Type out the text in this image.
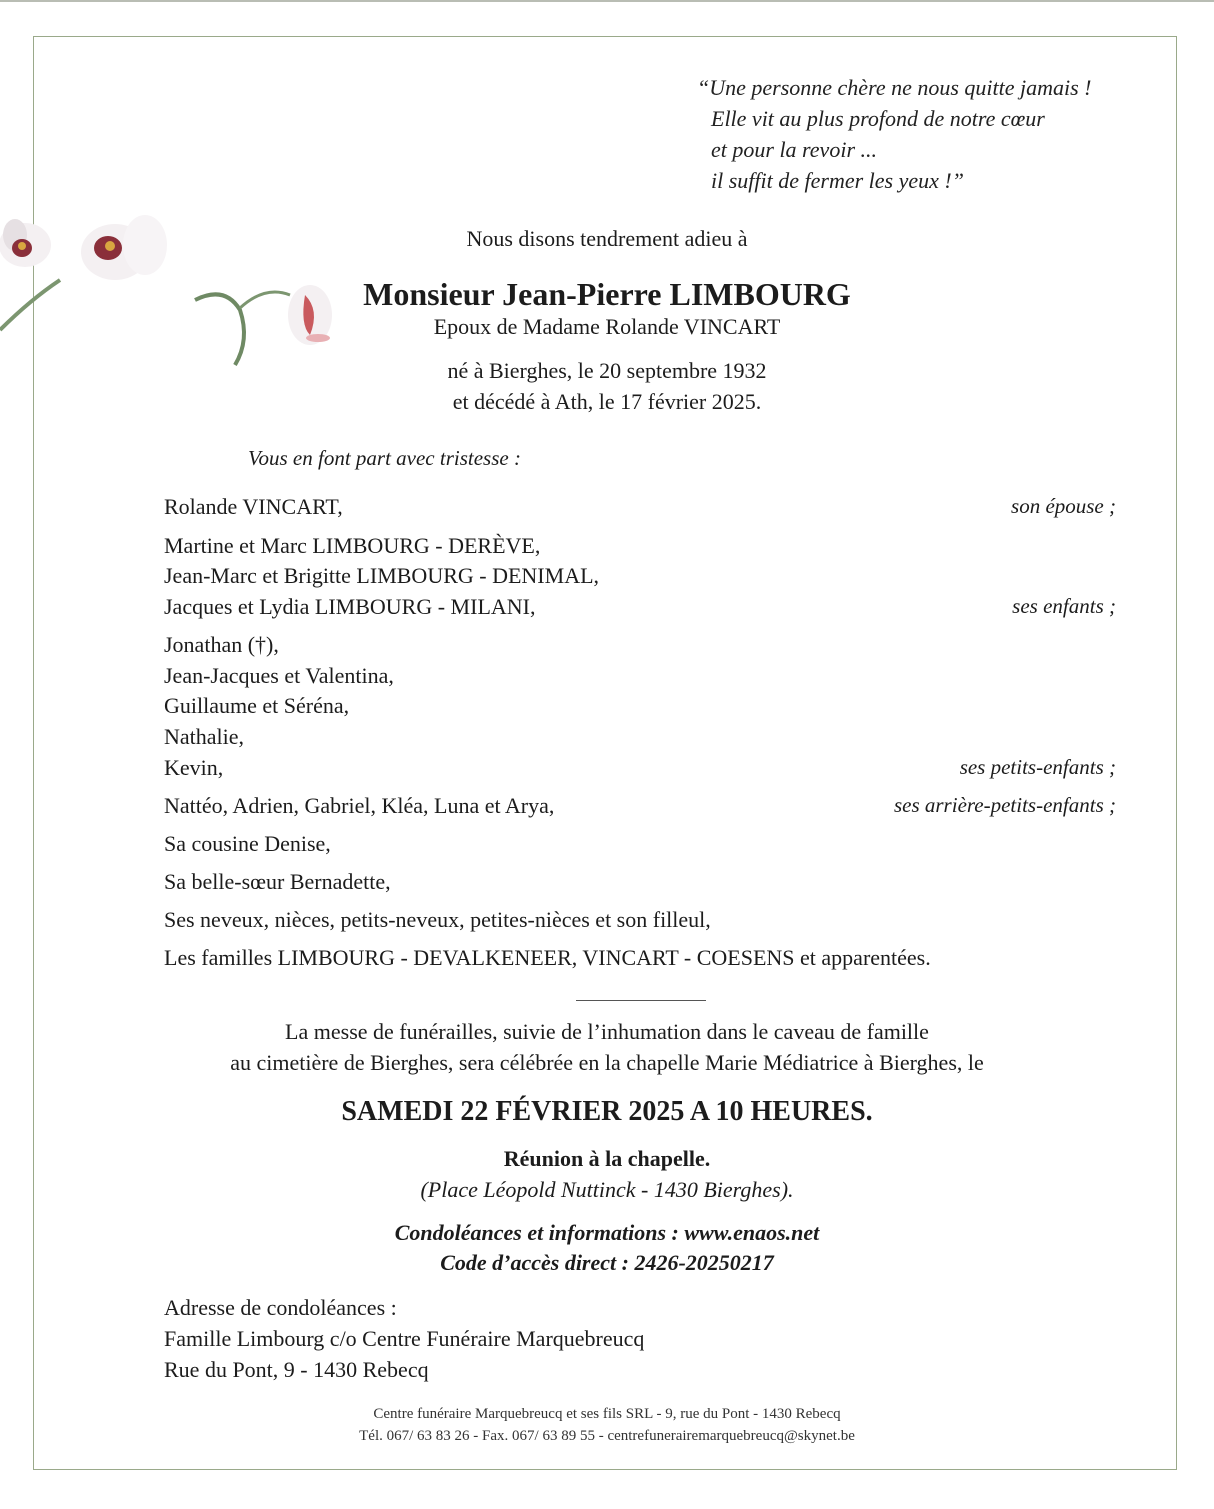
“Une personne chère ne nous quitte jamais !
Elle vit au plus profond de notre cœur
et pour la revoir ...
il suffit de fermer les yeux !”

Nous disons tendrement adieu à

Monsieur Jean-Pierre LIMBOURG

Epoux de Madame Rolande VINCART

né à Bierghes, le 20 septembre 1932

et décédé à Ath, le 17 février 2025.

Vous en font part avec tristesse :

Rolande VINCART,	son épouse ;
Martine et Marc LIMBOURG - DERÈVE,
Jean-Marc et Brigitte LIMBOURG - DENIMAL,
Jacques et Lydia LIMBOURG - MILANI,	ses enfants ;
Jonathan (†),
Jean-Jacques et Valentina,
Guillaume et Séréna,
Nathalie,
Kevin,	ses petits-enfants ;
Nattéo, Adrien, Gabriel, Kléa, Luna et Arya,	ses arrière-petits-enfants ;
Sa cousine Denise,
Sa belle-sœur Bernadette,
Ses neveux, nièces, petits-neveux, petites-nièces et son filleul,
Les familles LIMBOURG - DEVALKENEER, VINCART - COESENS et apparentées.

La messe de funérailles, suivie de l’inhumation dans le caveau de famille

au cimetière de Bierghes, sera célébrée en la chapelle Marie Médiatrice à Bierghes, le

SAMEDI 22 FÉVRIER 2025 A 10 HEURES.

Réunion à la chapelle.

(Place Léopold Nuttinck - 1430 Bierghes).

Condoléances et informations : www.enaos.net

Code d’accès direct : 2426-20250217

Adresse de condoléances :
Famille Limbourg c/o Centre Funéraire Marquebreucq
Rue du Pont, 9 - 1430 Rebecq

Centre funéraire Marquebreucq et ses fils SRL - 9, rue du Pont - 1430 Rebecq

Tél. 067/ 63 83 26 - Fax. 067/ 63 89 55 - centrefunerairemarquebreucq@skynet.be
